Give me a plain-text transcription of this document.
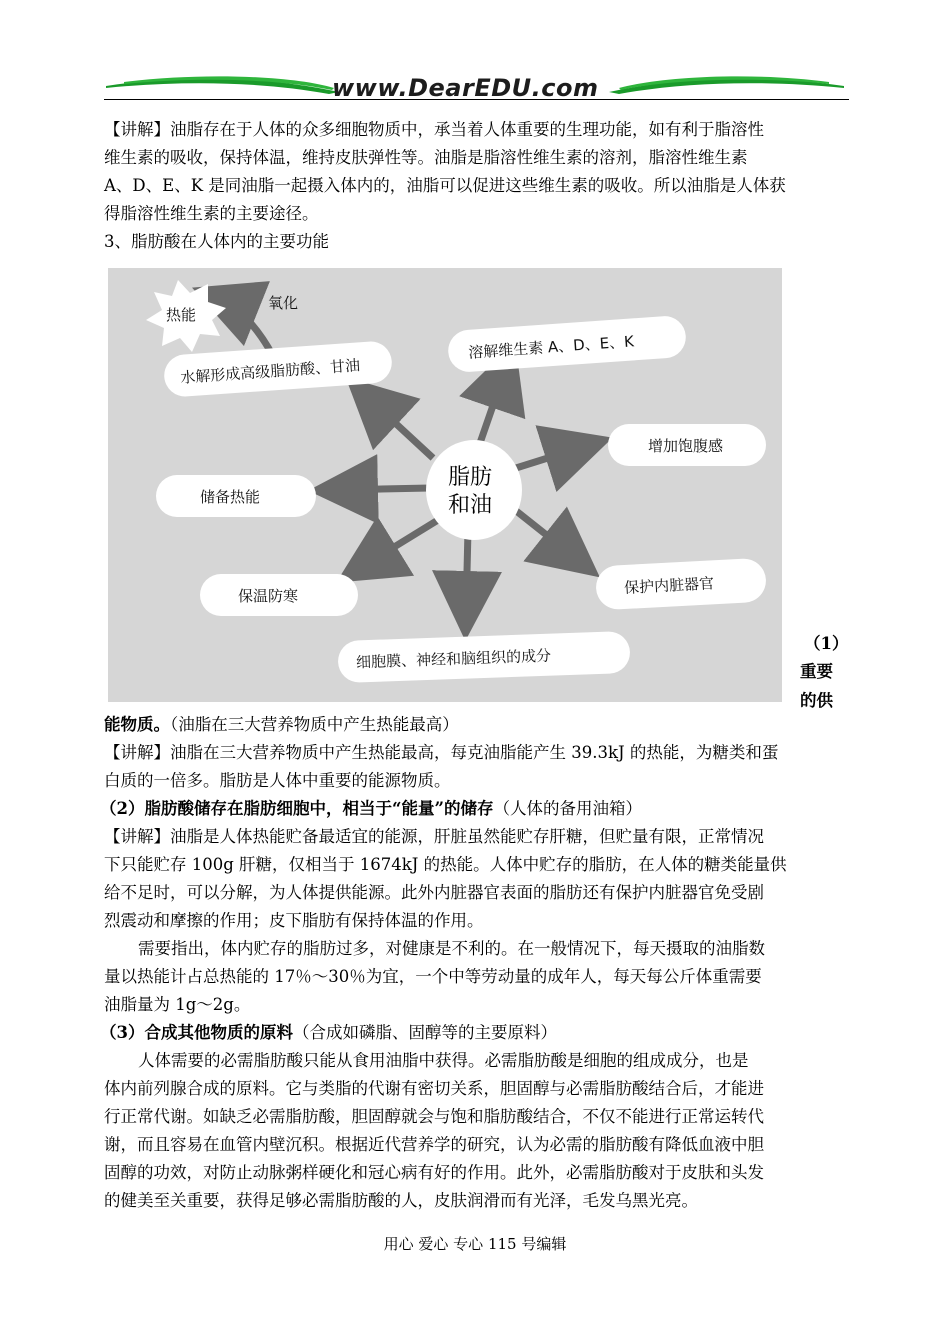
www.DearEDU.com
【讲解】油脂存在于人体的众多细胞物质中，承当着人体重要的生理功能，如有利于脂溶性
维生素的吸收，保持体温，维持皮肤弹性等。油脂是脂溶性维生素的溶剂，脂溶性维生素
A、D、E、K 是同油脂一起摄入体内的，油脂可以促进这些维生素的吸收。所以油脂是人体获
得脂溶性维生素的主要途径。
3、脂肪酸在人体内的主要功能
热能
氧化
脂肪
和油
水解形成高级脂肪酸、甘油
溶解维生素 A、D、E、K
增加饱腹感
储备热能
保温防寒	保护内脏器官
细胞膜、神经和脑组织的成分
（1）
重要
的供
能物质。（油脂在三大营养物质中产生热能最高）
【讲解】油脂在三大营养物质中产生热能最高，每克油脂能产生 39.3kJ 的热能，为糖类和蛋
白质的一倍多。脂肪是人体中重要的能源物质。
（2）脂肪酸储存在脂肪细胞中，相当于“能量”的储存（人体的备用油箱）
【讲解】油脂是人体热能贮备最适宜的能源，肝脏虽然能贮存肝糖，但贮量有限，正常情况
下只能贮存 100g 肝糖，仅相当于 1674kJ 的热能。人体中贮存的脂肪，在人体的糖类能量供
给不足时，可以分解，为人体提供能源。此外内脏器官表面的脂肪还有保护内脏器官免受剧
烈震动和摩擦的作用；皮下脂肪有保持体温的作用。
需要指出，体内贮存的脂肪过多，对健康是不利的。在一般情况下，每天摄取的油脂数
量以热能计占总热能的 17％～30％为宜，一个中等劳动量的成年人，每天每公斤体重需要
油脂量为 1g～2g。
（3）合成其他物质的原料（合成如磷脂、固醇等的主要原料）
人体需要的必需脂肪酸只能从食用油脂中获得。必需脂肪酸是细胞的组成成分，也是
体内前列腺合成的原料。它与类脂的代谢有密切关系，胆固醇与必需脂肪酸结合后，才能进
行正常代谢。如缺乏必需脂肪酸，胆固醇就会与饱和脂肪酸结合，不仅不能进行正常运转代
谢，而且容易在血管内壁沉积。根据近代营养学的研究，认为必需的脂肪酸有降低血液中胆
固醇的功效，对防止动脉粥样硬化和冠心病有好的作用。此外，必需脂肪酸对于皮肤和头发
的健美至关重要，获得足够必需脂肪酸的人，皮肤润滑而有光泽，毛发乌黑光亮。
用心 爱心 专心 115 号编辑
